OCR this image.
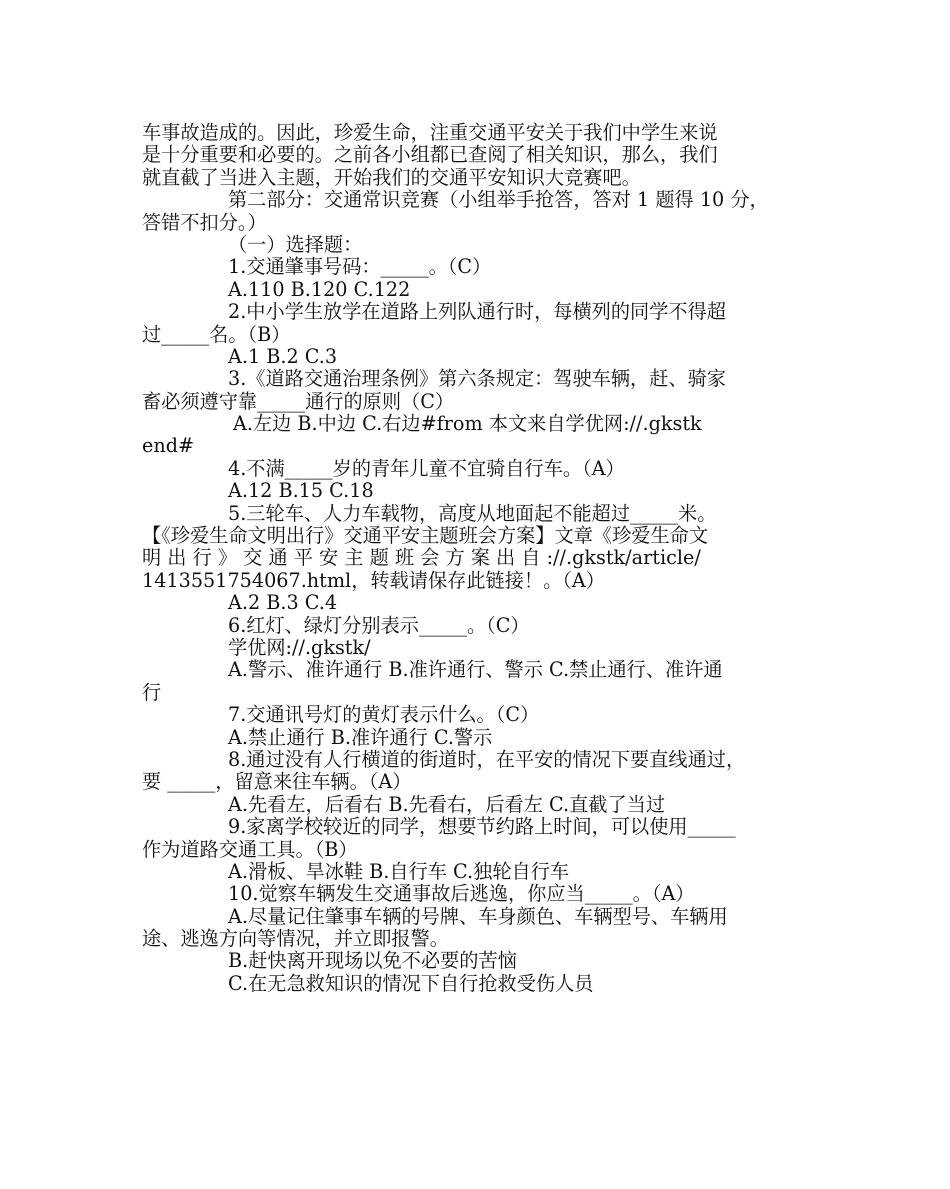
车事故造成的。因此，珍爱生命，注重交通平安关于我们中学生来说
是十分重要和必要的。之前各小组都已查阅了相关知识，那么，我们
就直截了当进入主题，开始我们的交通平安知识大竞赛吧。
第二部分：交通常识竞赛（小组举手抢答，答对 1 题得 10 分，
答错不扣分。）
（一）选择题：
1.交通肇事号码：_____。（C）
A.110 B.120 C.122
2.中小学生放学在道路上列队通行时，每横列的同学不得超
过_____名。（B）
A.1 B.2 C.3
3.《道路交通治理条例》第六条规定：驾驶车辆，赶、骑家
畜必须遵守靠_____通行的原则（C）
A.左边 B.中边 C.右边#from 本文来自学优网://.gkstk
end#
4.不满_____岁的青年儿童不宜骑自行车。（A）
A.12 B.15 C.18
5.三轮车、人力车载物，高度从地面起不能超过_____米。
【《珍爱生命文明出行》交通平安主题班会方案】文章《珍爱生命文
明 出 行 》 交 通 平 安 主 题 班 会 方 案 出 自 ://.gkstk/article/
1413551754067.html，转载请保存此链接！。（A）
A.2 B.3 C.4
6.红灯、绿灯分别表示_____。（C）
学优网://.gkstk/
A.警示、准许通行 B.准许通行、警示 C.禁止通行、准许通
行
7.交通讯号灯的黄灯表示什么。（C）
A.禁止通行 B.准许通行 C.警示
8.通过没有人行横道的街道时，在平安的情况下要直线通过，
要 _____，留意来往车辆。（A）
A.先看左，后看右 B.先看右，后看左 C.直截了当过
9.家离学校较近的同学，想要节约路上时间，可以使用_____
作为道路交通工具。（B）
A.滑板、旱冰鞋 B.自行车 C.独轮自行车
10.觉察车辆发生交通事故后逃逸，你应当_____。（A）
A.尽量记住肇事车辆的号牌、车身颜色、车辆型号、车辆用
途、逃逸方向等情况，并立即报警。
B.赶快离开现场以免不必要的苦恼
C.在无急救知识的情况下自行抢救受伤人员
